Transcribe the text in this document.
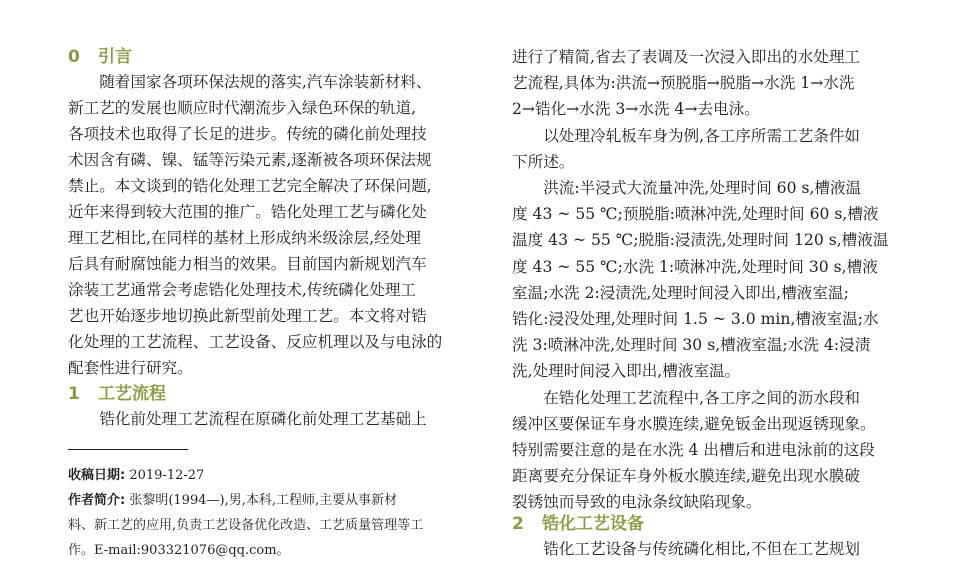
0 引言
　　随着国家各项环保法规的落实,汽车涂装新材料、
新工艺的发展也顺应时代潮流步入绿色环保的轨道,
各项技术也取得了长足的进步。传统的磷化前处理技
术因含有磷、镍、锰等污染元素,逐渐被各项环保法规
禁止。本文谈到的锆化处理工艺完全解决了环保问题,
近年来得到较大范围的推广。锆化处理工艺与磷化处
理工艺相比,在同样的基材上形成纳米级涂层,经处理
后具有耐腐蚀能力相当的效果。目前国内新规划汽车
涂装工艺通常会考虑锆化处理技术,传统磷化处理工
艺也开始逐步地切换此新型前处理工艺。本文将对锆
化处理的工艺流程、工艺设备、反应机理以及与电泳的
配套性进行研究。
1 工艺流程
　　锆化前处理工艺流程在原磷化前处理工艺基础上
收稿日期: 2019-12-27
作者简介: 张黎明(1994—),男,本科,工程师,主要从事新材
料、新工艺的应用,负责工艺设备优化改造、工艺质量管理等工
作。E-mail:903321076@qq.com。
进行了精简,省去了表调及一次浸入即出的水处理工
艺流程,具体为:洪流→预脱脂→脱脂→水洗 1→水洗
2→锆化→水洗 3→水洗 4→去电泳。
　　以处理冷轧板车身为例,各工序所需工艺条件如
下所述。
　　洪流:半浸式大流量冲洗,处理时间 60 s,槽液温
度 43 ~ 55 ℃;预脱脂:喷淋冲洗,处理时间 60 s,槽液
温度 43 ~ 55 ℃;脱脂:浸渍洗,处理时间 120 s,槽液温
度 43 ~ 55 ℃;水洗 1:喷淋冲洗,处理时间 30 s,槽液
室温;水洗 2:浸渍洗,处理时间浸入即出,槽液室温;
锆化:浸没处理,处理时间 1.5 ~ 3.0 min,槽液室温;水
洗 3:喷淋冲洗,处理时间 30 s,槽液室温;水洗 4:浸渍
洗,处理时间浸入即出,槽液室温。
　　在锆化处理工艺流程中,各工序之间的沥水段和
缓冲区要保证车身水膜连续,避免钣金出现返锈现象。
特别需要注意的是在水洗 4 出槽后和进电泳前的这段
距离要充分保证车身外板水膜连续,避免出现水膜破
裂锈蚀而导致的电泳条纹缺陷现象。
2 锆化工艺设备
　　锆化工艺设备与传统磷化相比,不但在工艺规划
